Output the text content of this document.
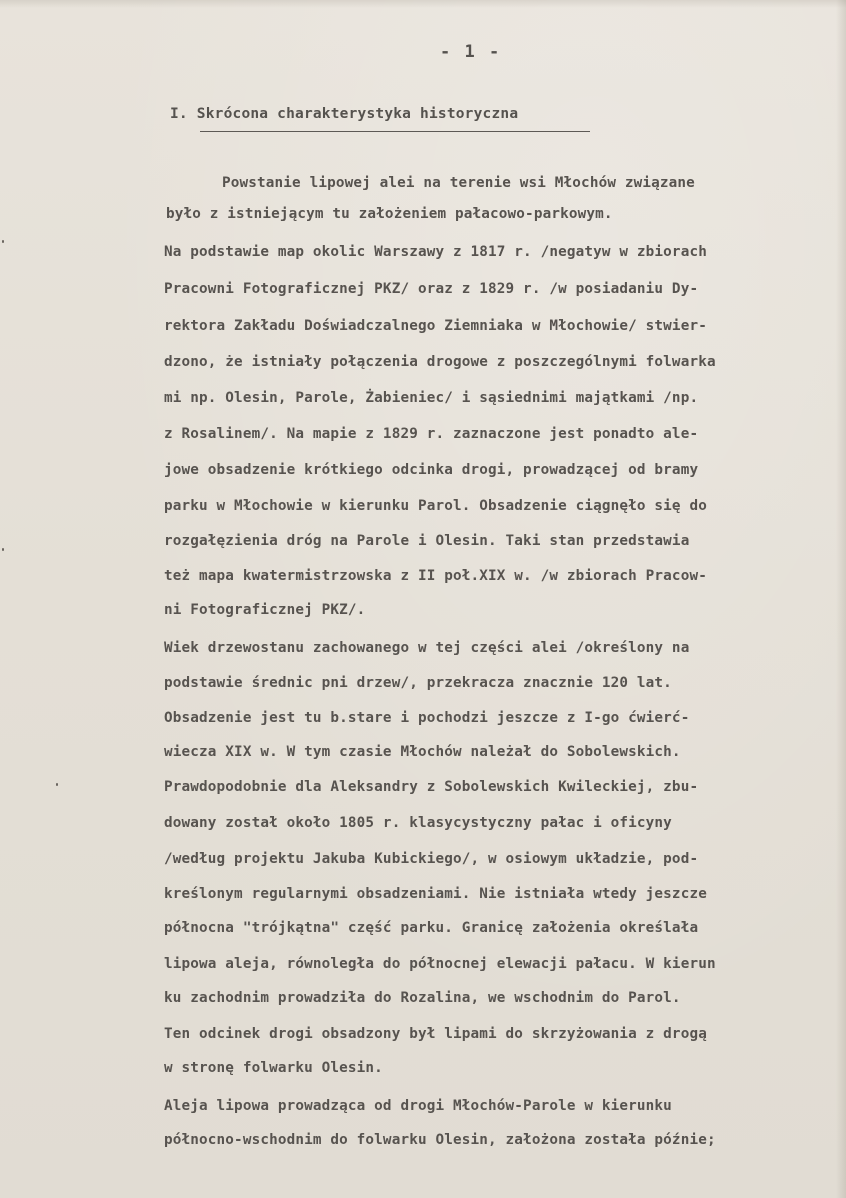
- 1 -
I. Skrócona charakterystyka historyczna
Powstanie lipowej alei na terenie wsi Młochów związane
było z istniejącym tu założeniem pałacowo-parkowym.
Na podstawie map okolic Warszawy z 1817 r. /negatyw w zbiorach
Pracowni Fotograficznej PKZ/ oraz z 1829 r. /w posiadaniu Dy-
rektora Zakładu Doświadczalnego Ziemniaka w Młochowie/ stwier-
dzono, że istniały połączenia drogowe z poszczególnymi folwarka
mi np. Olesin, Parole, Żabieniec/ i sąsiednimi majątkami /np.
z Rosalinem/. Na mapie z 1829 r. zaznaczone jest ponadto ale-
jowe obsadzenie krótkiego odcinka drogi, prowadzącej od bramy
parku w Młochowie w kierunku Parol. Obsadzenie ciągnęło się do
rozgałęzienia dróg na Parole i Olesin. Taki stan przedstawia
też mapa kwatermistrzowska z II poł.XIX w. /w zbiorach Pracow-
ni Fotograficznej PKZ/.
Wiek drzewostanu zachowanego w tej części alei /określony na
podstawie średnic pni drzew/, przekracza znacznie 120 lat.
Obsadzenie jest tu b.stare i pochodzi jeszcze z I-go ćwierć-
wiecza XIX w. W tym czasie Młochów należał do Sobolewskich.
Prawdopodobnie dla Aleksandry z Sobolewskich Kwileckiej, zbu-
dowany został około 1805 r. klasycystyczny pałac i oficyny
/według projektu Jakuba Kubickiego/, w osiowym układzie, pod-
kreślonym regularnymi obsadzeniami. Nie istniała wtedy jeszcze
północna "trójkątna" część parku. Granicę założenia określała
lipowa aleja, równoległa do północnej elewacji pałacu. W kierun
ku zachodnim prowadziła do Rozalina, we wschodnim do Parol.
Ten odcinek drogi obsadzony był lipami do skrzyżowania z drogą
w stronę folwarku Olesin.
Aleja lipowa prowadząca od drogi Młochów-Parole w kierunku
północno-wschodnim do folwarku Olesin, założona została późnie;
